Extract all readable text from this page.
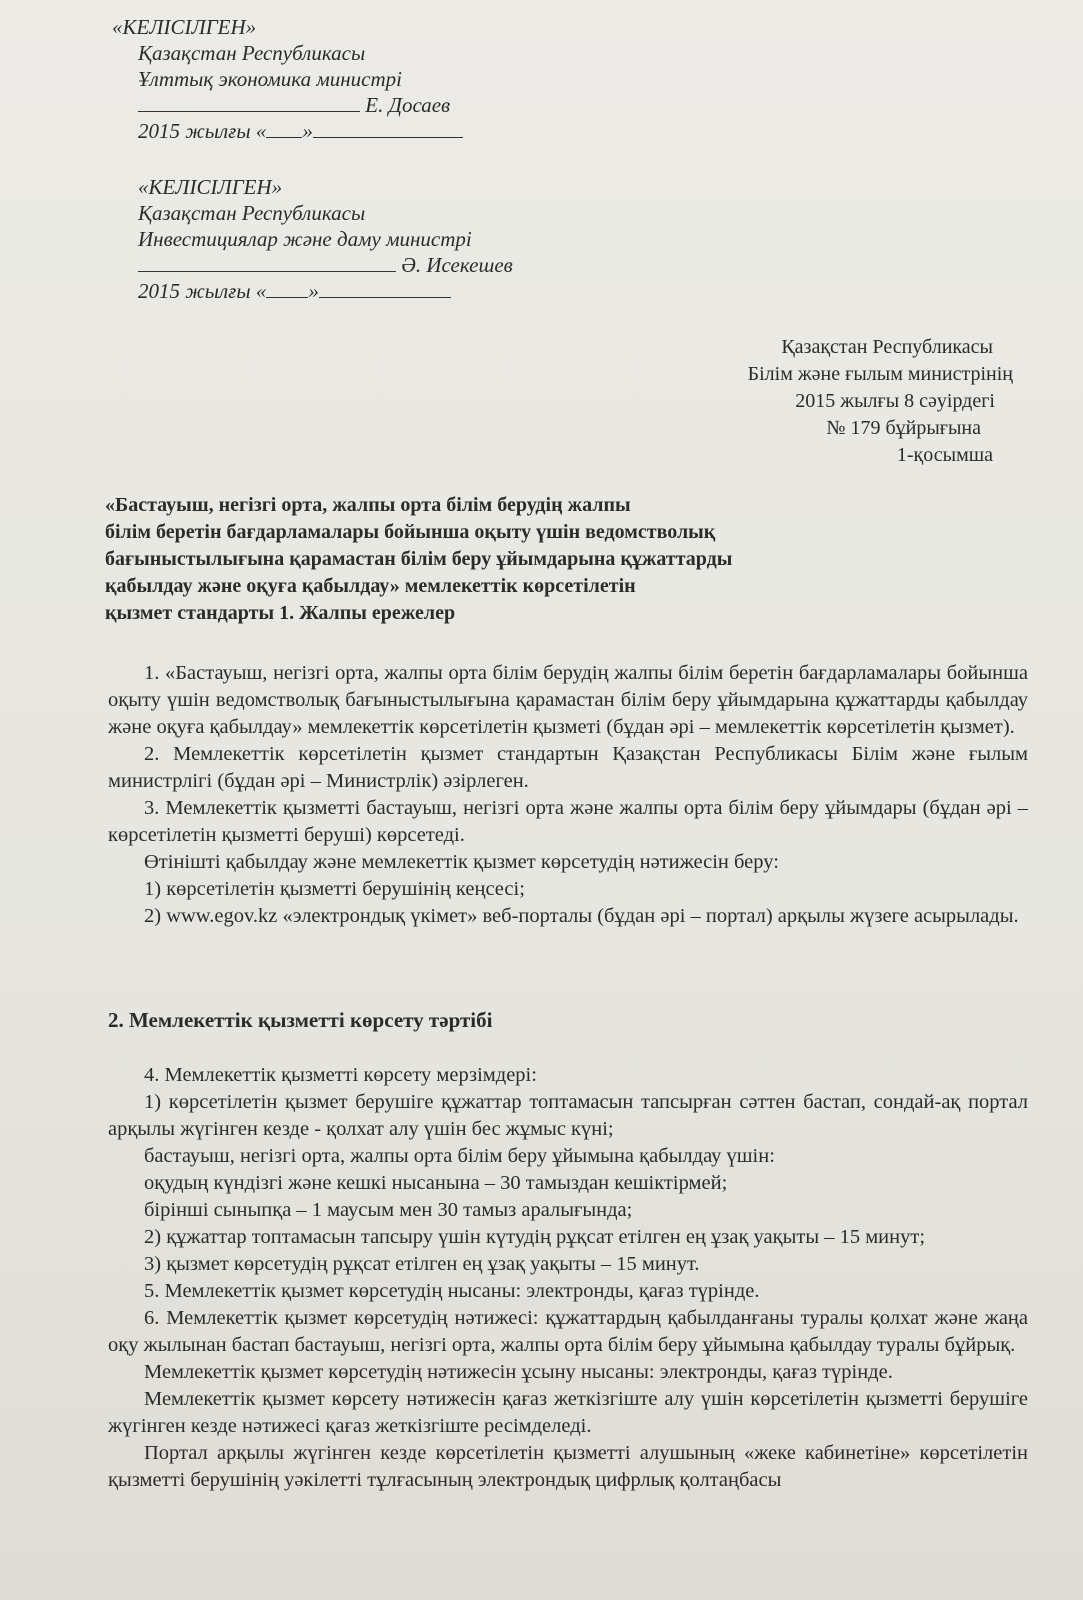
«КЕЛІСІЛГЕН»
Қазақстан Республикасы
Ұлттық экономика министрі
Е. Досаев
2015 жылғы « »
«КЕЛІСІЛГЕН»
Қазақстан Республикасы
Инвестициялар және даму министрі
Ә. Исекешев
2015 жылғы « »
Қазақстан Республикасы
Білім және ғылым министрінің
2015 жылғы 8 сәуірдегі
№ 179 бұйрығына
1-қосымша
«Бастауыш, негізгі орта, жалпы орта білім берудің жалпы
білім беретін бағдарламалары бойынша оқыту үшін ведомстволық
бағыныстылығына қарамастан білім беру ұйымдарына құжаттарды
қабылдау және оқуға қабылдау» мемлекеттік көрсетілетін
қызмет стандарты 1. Жалпы ережелер

1. «Бастауыш, негізгі орта, жалпы орта білім берудің жалпы білім беретін бағдарламалары бойынша оқыту үшін ведомстволық бағыныстылығына қарамастан білім беру ұйымдарына құжаттарды қабылдау және оқуға қабылдау» мемлекеттік көрсетілетін қызметі (бұдан әрі – мемлекеттік көрсетілетін қызмет).

2. Мемлекеттік көрсетілетін қызмет стандартын Қазақстан Республикасы Білім және ғылым министрлігі (бұдан әрі – Министрлік) әзірлеген.

3. Мемлекеттік қызметті бастауыш, негізгі орта және жалпы орта білім беру ұйымдары (бұдан әрі – көрсетілетін қызметті беруші) көрсетеді.

Өтінішті қабылдау және мемлекеттік қызмет көрсетудің нәтижесін беру:

1) көрсетілетін қызметті берушінің кеңсесі;

2) www.egov.kz «электрондық үкімет» веб-порталы (бұдан әрі – портал) арқылы жүзеге асырылады.

2. Мемлекеттік қызметті көрсету тәртібі

4. Мемлекеттік қызметті көрсету мерзімдері:

1) көрсетілетін қызмет берушіге құжаттар топтамасын тапсырған сәттен бастап, сондай-ақ портал арқылы жүгінген кезде - қолхат алу үшін бес жұмыс күні;

бастауыш, негізгі орта, жалпы орта білім беру ұйымына қабылдау үшін:

оқудың күндізгі және кешкі нысанына – 30 тамыздан кешіктірмей;

бірінші сыныпқа – 1 маусым мен 30 тамыз аралығында;

2) құжаттар топтамасын тапсыру үшін күтудің рұқсат етілген ең ұзақ уақыты – 15 минут;

3) қызмет көрсетудің рұқсат етілген ең ұзақ уақыты – 15 минут.

5. Мемлекеттік қызмет көрсетудің нысаны: электронды, қағаз түрінде.

6. Мемлекеттік қызмет көрсетудің нәтижесі: құжаттардың қабылданғаны туралы қолхат және жаңа оқу жылынан бастап бастауыш, негізгі орта, жалпы орта білім беру ұйымына қабылдау туралы бұйрық.

Мемлекеттік қызмет көрсетудің нәтижесін ұсыну нысаны: электронды, қағаз түрінде.

Мемлекеттік қызмет көрсету нәтижесін қағаз жеткізгіште алу үшін көрсетілетін қызметті берушіге жүгінген кезде нәтижесі қағаз жеткізгіште ресімделеді.

Портал арқылы жүгінген кезде көрсетілетін қызметті алушының «жеке кабинетіне» көрсетілетін қызметті берушінің уәкілетті тұлғасының электрондық цифрлық қолтаңбасы
